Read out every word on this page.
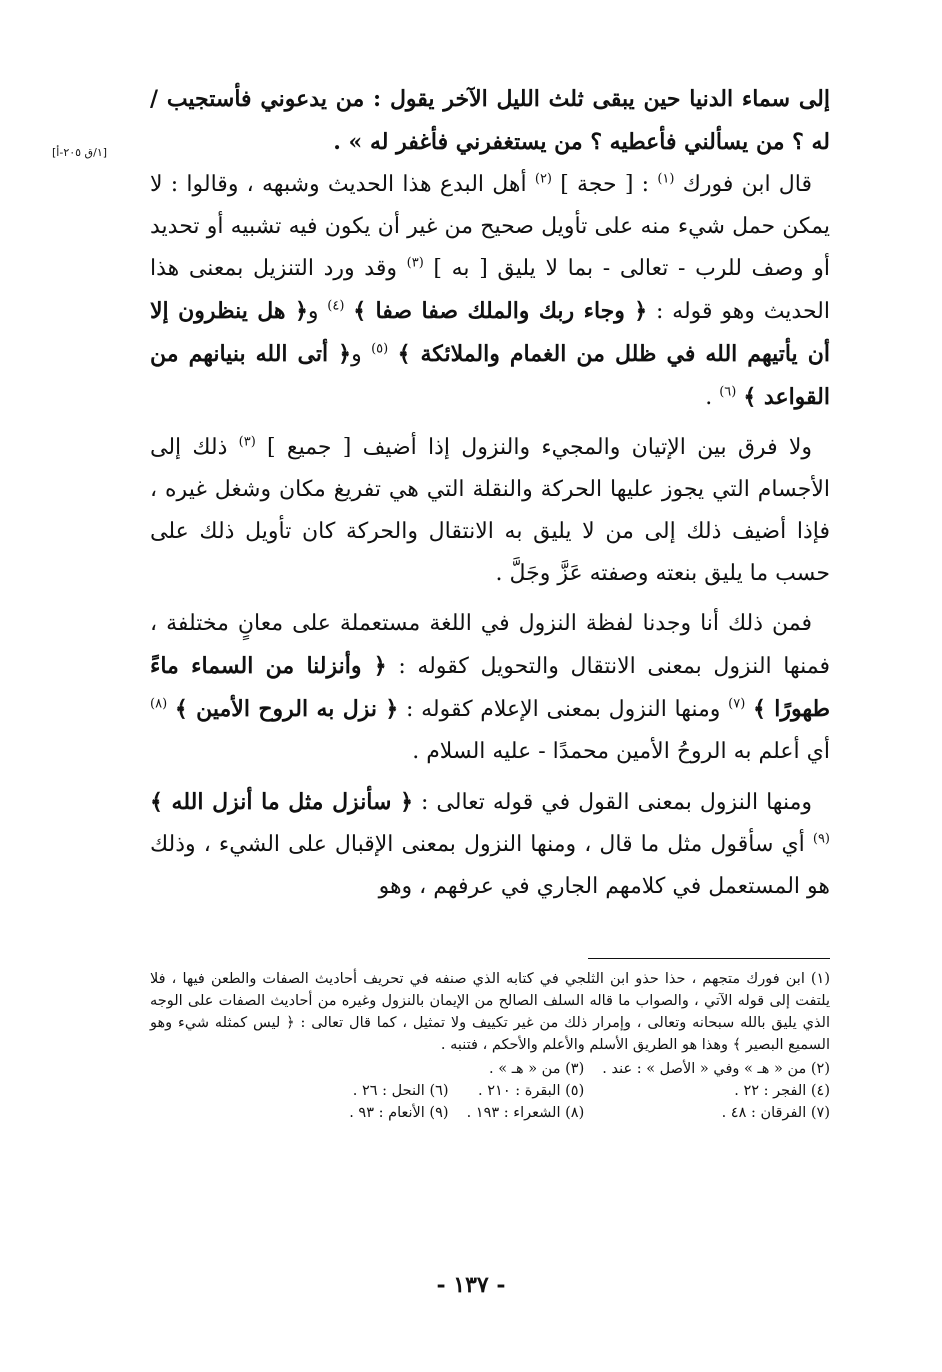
[١/ق ٢٠٥-أ]

إلى سماء الدنيا حين يبقى ثلث الليل الآخر يقول : من يدعوني فأستجيب / له ؟ من يسألني فأعطيه ؟ من يستغفرني فأغفر له » .

قال ابن فورك $^{(١)}$ : [ حجة ] $^{(٢)}$ أهل البدع هذا الحديث وشبهه ، وقالوا : لا يمكن حمل شيء منه على تأويل صحيح من غير أن يكون فيه تشبيه أو تحديد أو وصف للرب - تعالى - بما لا يليق [ به ] $^{(٣)}$ وقد ورد التنزيل بمعنى هذا الحديث وهو قوله : ﴿ وجاء ربك والملك صفا صفا ﴾ $^{(٤)}$ و﴿ هل ينظرون إلا أن يأتيهم الله في ظلل من الغمام والملائكة ﴾ $^{(٥)}$ و﴿ أتى الله بنيانهم من القواعد ﴾ $^{(٦)}$ .

ولا فرق بين الإتيان والمجيء والنزول إذا أضيف [ جميع ] $^{(٣)}$ ذلك إلى الأجسام التي يجوز عليها الحركة والنقلة التي هي تفريغ مكان وشغل غيره ، فإذا أضيف ذلك إلى من لا يليق به الانتقال والحركة كان تأويل ذلك على حسب ما يليق بنعته وصفته عَزَّ وجَلَّ .

فمن ذلك أنا وجدنا لفظة النزول في اللغة مستعملة على معانٍ مختلفة ، فمنها النزول بمعنى الانتقال والتحويل كقوله : ﴿ وأنزلنا من السماء ماءً طهورًا ﴾ $^{(٧)}$ ومنها النزول بمعنى الإعلام كقوله : ﴿ نزل به الروح الأمين ﴾ $^{(٨)}$ أي أعلم به الروحُ الأمين محمدًا - عليه السلام .

ومنها النزول بمعنى القول في قوله تعالى : ﴿ سأنزل مثل ما أنزل الله ﴾ $^{(٩)}$ أي سأقول مثل ما قال ، ومنها النزول بمعنى الإقبال على الشيء ، وذلك هو المستعمل في كلامهم الجاري في عرفهم ، وهو

(١)ابن فورك متجهم ، حذا حذو ابن الثلجي في كتابه الذي صنفه في تحريف أحاديث الصفات والطعن فيها ، فلا يلتفت إلى قوله الآتي ، والصواب ما قاله السلف الصالح من الإيمان بالنزول وغيره من أحاديث الصفات على الوجه الذي يليق بالله سبحانه وتعالى ، وإمرار ذلك من غير تكييف ولا تمثيل ، كما قال تعالى : ﴿ ليس كمثله شيء وهو السميع البصير ﴾ وهذا هو الطريق الأسلم والأعلم والأحكم ، فتنبه .

(٢) من « هـ » وفي « الأصل » : عند .	(٣) من « هـ » .	
(٤) الفجر : ٢٢ .	(٥) البقرة : ٢١٠ .	(٦) النحل : ٢٦ .
(٧) الفرقان : ٤٨ .	(٨) الشعراء : ١٩٣ .	(٩) الأنعام : ٩٣ .
- ١٣٧ -
